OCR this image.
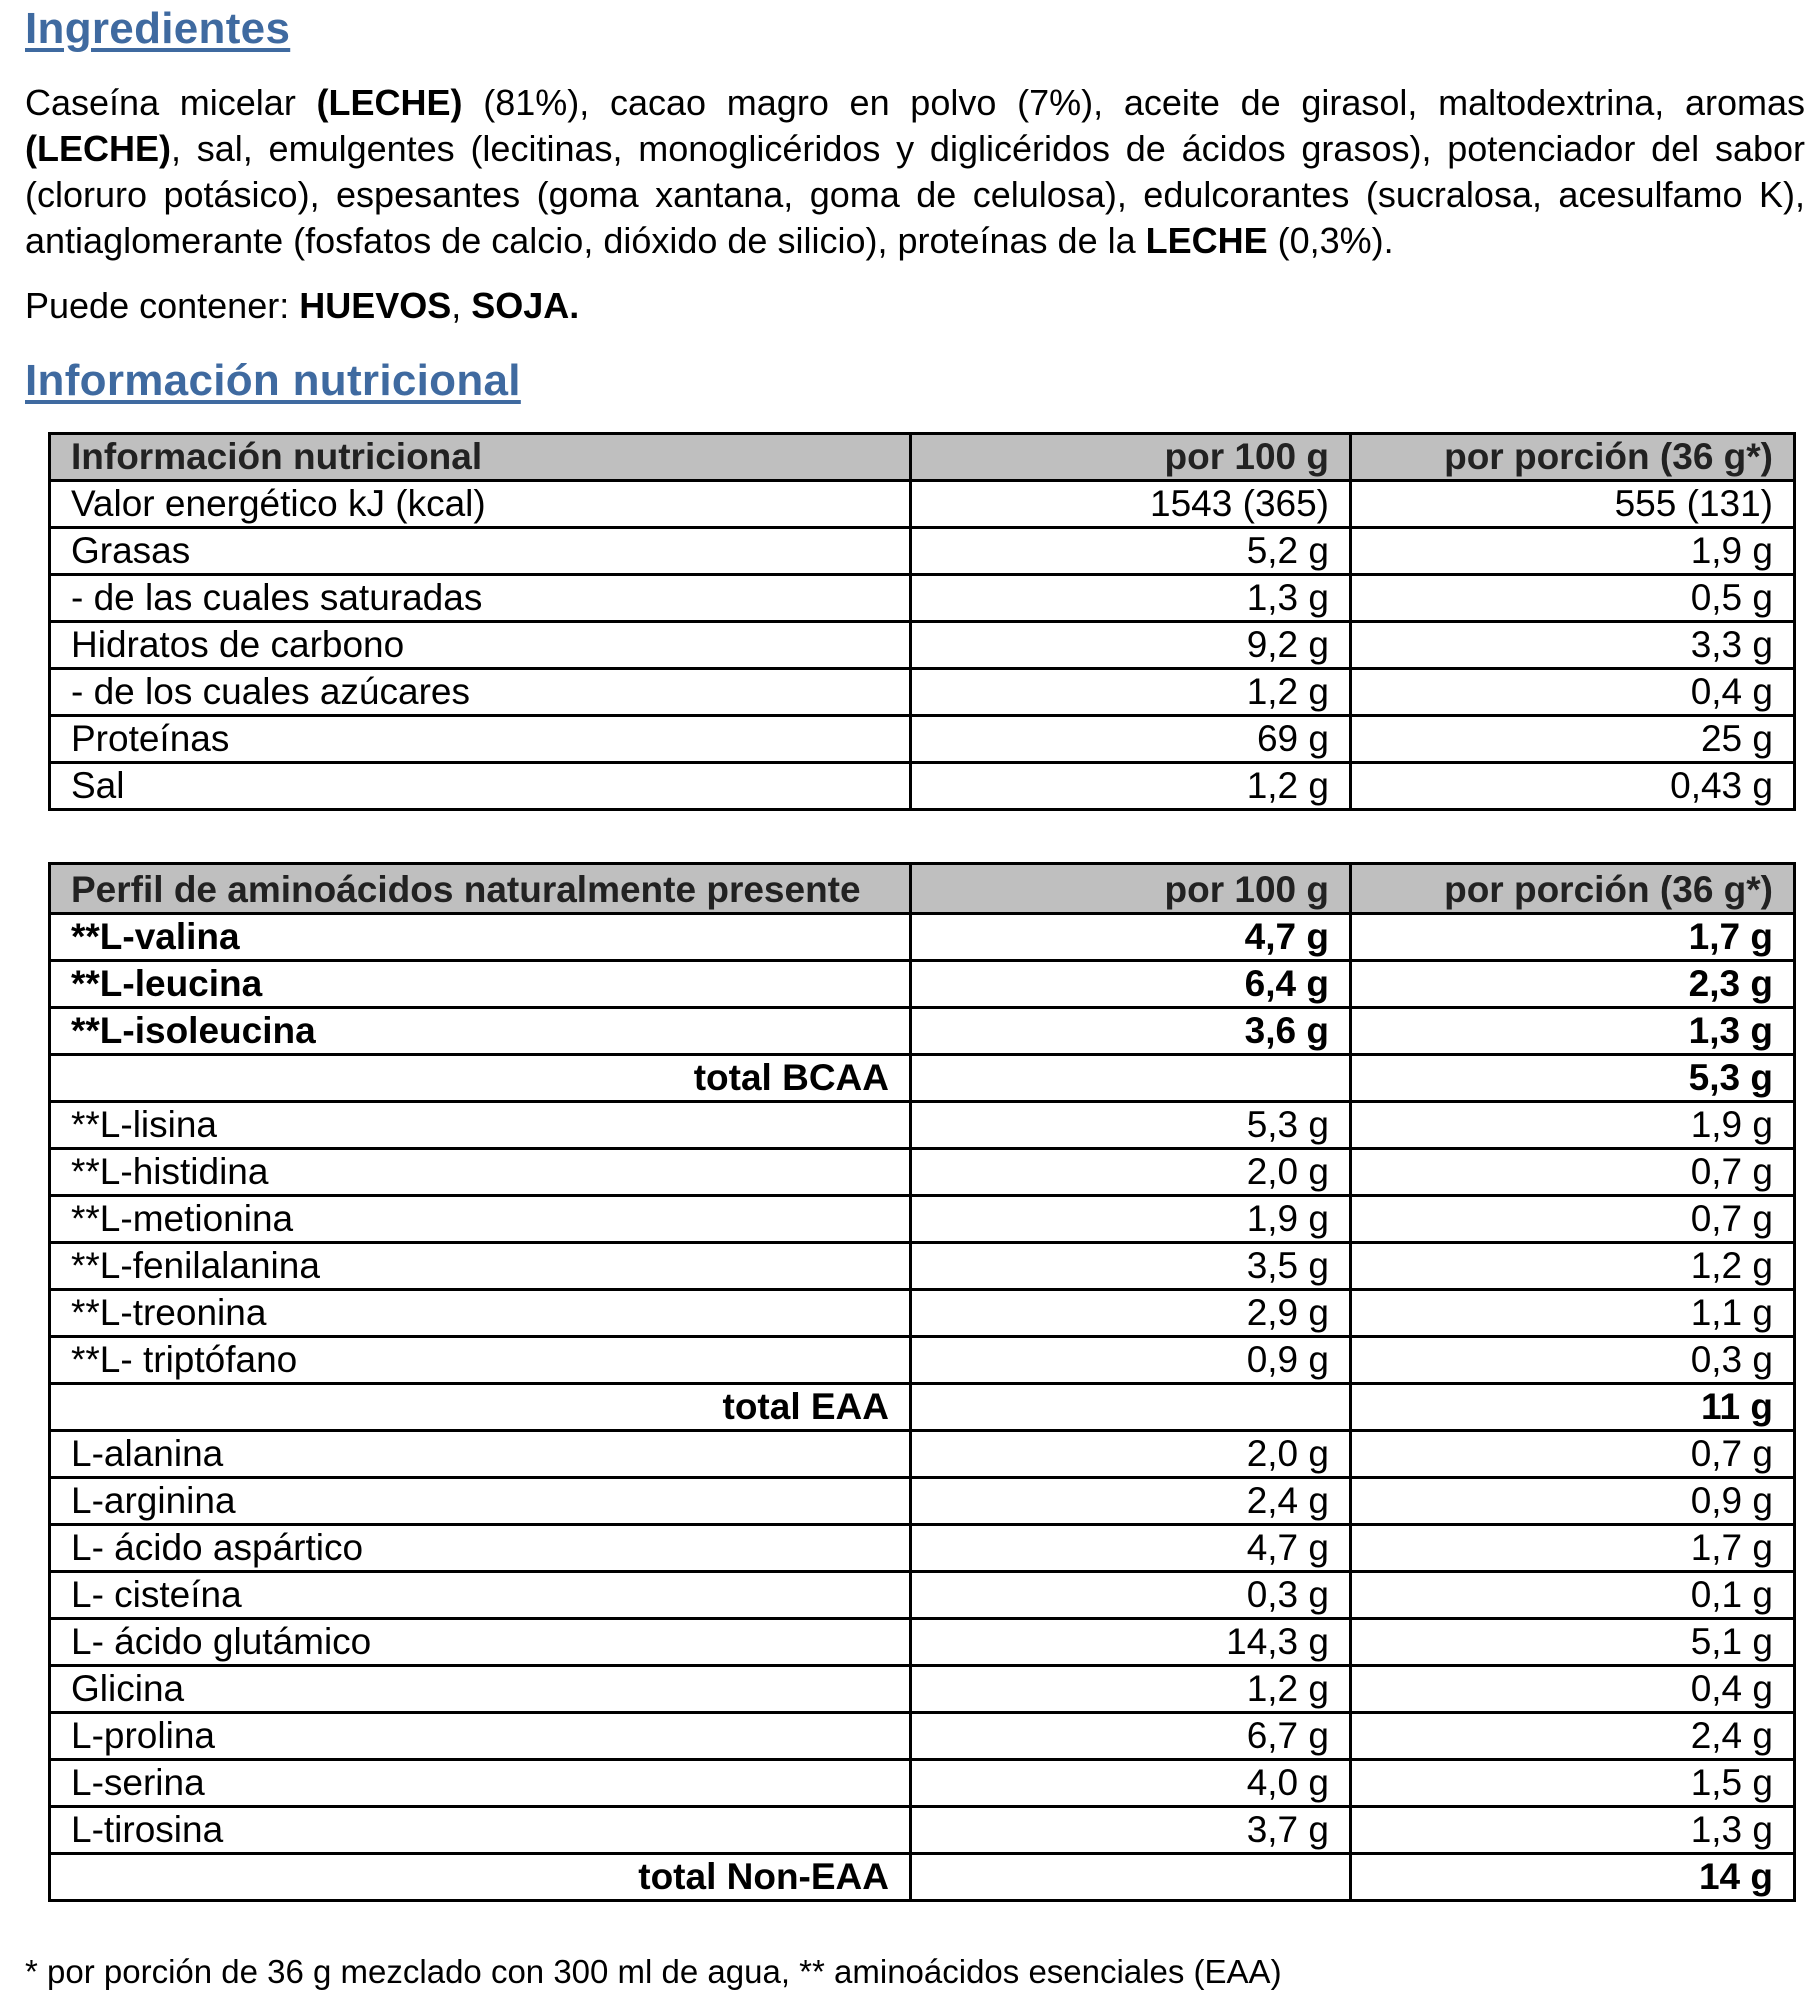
Ingredientes

Caseína micelar (LECHE) (81%), cacao magro en polvo (7%), aceite de girasol, maltodextrina, aromas (LECHE), sal, emulgentes (lecitinas, monoglicéridos y diglicéridos de ácidos grasos), potenciador del sabor (cloruro potásico), espesantes (goma xantana, goma de celulosa), edulcorantes (sucralosa, acesulfamo K), antiaglomerante (fosfatos de calcio, dióxido de silicio), proteínas de la LECHE (0,3%).

Puede contener: HUEVOS, SOJA.

Información nutricional
Información nutricional	por 100 g	por porción (36 g*)
Valor energético kJ (kcal)	1543 (365)	555 (131)
Grasas	5,2 g	1,9 g
- de las cuales saturadas	1,3 g	0,5 g
Hidratos de carbono	9,2 g	3,3 g
- de los cuales azúcares	1,2 g	0,4 g
Proteínas	69 g	25 g
Sal	1,2 g	0,43 g
Perfil de aminoácidos naturalmente presente	por 100 g	por porción (36 g*)
**L-valina	4,7 g	1,7 g
**L-leucina	6,4 g	2,3 g
**L-isoleucina	3,6 g	1,3 g
total BCAA		5,3 g
**L-lisina	5,3 g	1,9 g
**L-histidina	2,0 g	0,7 g
**L-metionina	1,9 g	0,7 g
**L-fenilalanina	3,5 g	1,2 g
**L-treonina	2,9 g	1,1 g
**L- triptófano	0,9 g	0,3 g
total EAA		11 g
L-alanina	2,0 g	0,7 g
L-arginina	2,4 g	0,9 g
L- ácido aspártico	4,7 g	1,7 g
L- cisteína	0,3 g	0,1 g
L- ácido glutámico	14,3 g	5,1 g
Glicina	1,2 g	0,4 g
L-prolina	6,7 g	2,4 g
L-serina	4,0 g	1,5 g
L-tirosina	3,7 g	1,3 g
total Non-EAA		14 g

* por porción de 36 g mezclado con 300 ml de agua, ** aminoácidos esenciales (EAA)
